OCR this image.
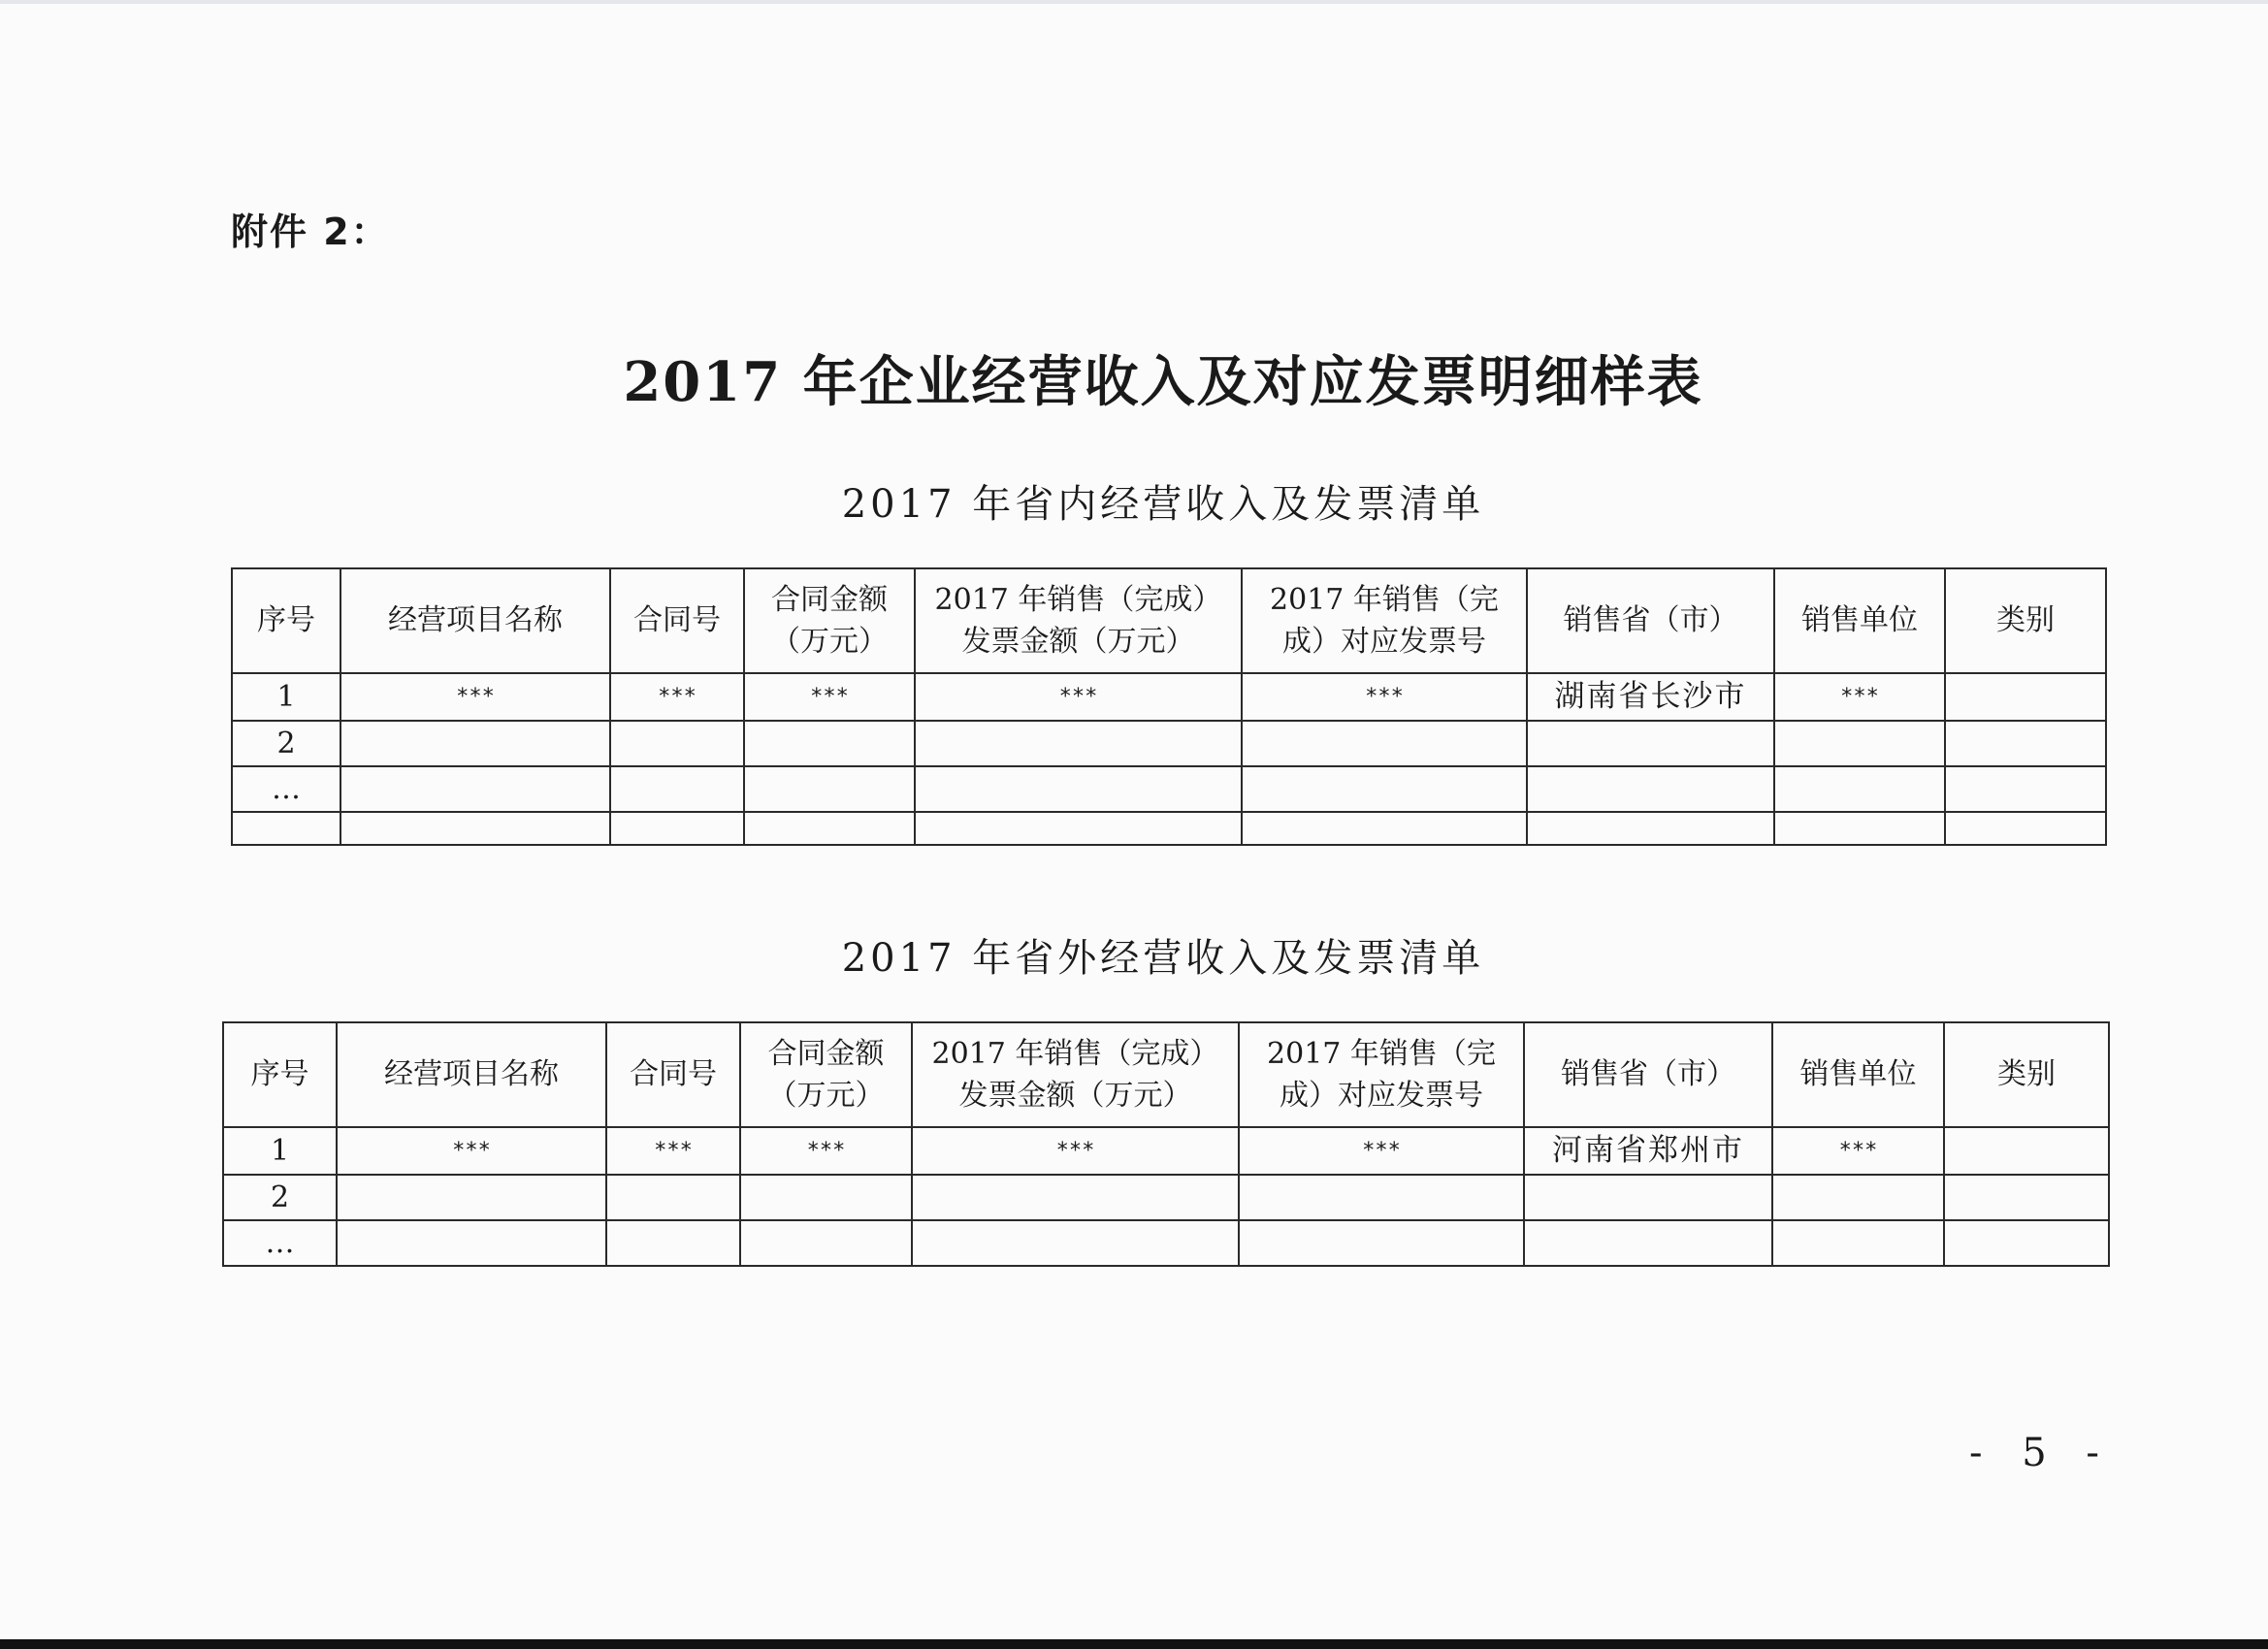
附件 2：
2017 年企业经营收入及对应发票明细样表
2017 年省内经营收入及发票清单
序号	经营项目名称	合同号	合同金额（万元）	2017 年销售（完成）发票金额（万元）	2017 年销售（完成）对应发票号	销售省（市）	销售单位	类别
1	***	***	***	***	***	湖南省长沙市	***	
2								
…								

2017 年省外经营收入及发票清单
序号	经营项目名称	合同号	合同金额（万元）	2017 年销售（完成）发票金额（万元）	2017 年销售（完成）对应发票号	销售省（市）	销售单位	类别
1	***	***	***	***	***	河南省郑州市	***	
2								
…								
- 5 -
